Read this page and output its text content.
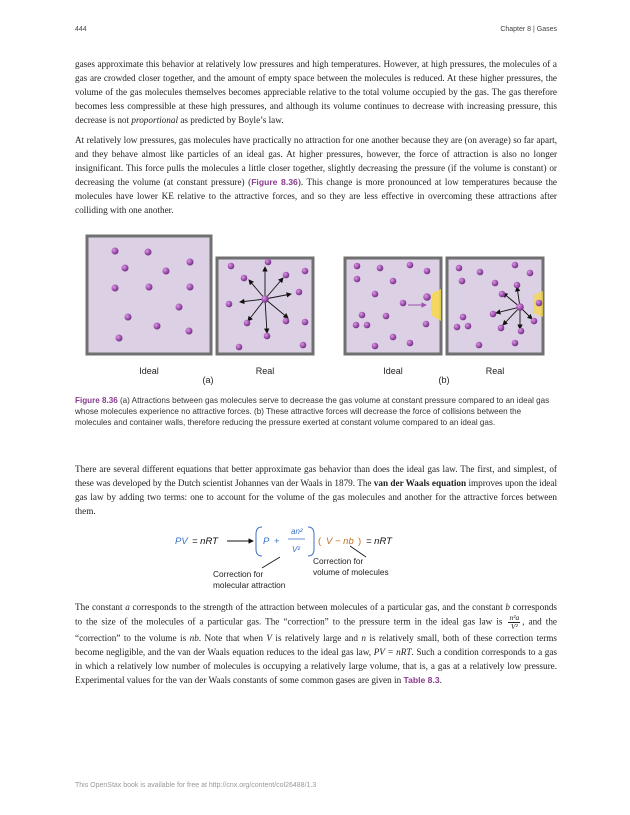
444	Chapter 8 | Gases

gases approximate this behavior at relatively low pressures and high temperatures. However, at high pressures, the molecules of a gas are crowded closer together, and the amount of empty space between the molecules is reduced. At these higher pressures, the volume of the gas molecules themselves becomes appreciable relative to the total volume occupied by the gas. The gas therefore becomes less compressible at these high pressures, and although its volume continues to decrease with increasing pressure, this decrease is not proportional as predicted by Boyle’s law.

At relatively low pressures, gas molecules have practically no attraction for one another because they are (on average) so far apart, and they behave almost like particles of an ideal gas. At higher pressures, however, the force of attraction is also no longer insignificant. This force pulls the molecules a little closer together, slightly decreasing the pressure (if the volume is constant) or decreasing the volume (at constant pressure) (Figure 8.36). This change is more pronounced at low temperatures because the molecules have lower KE relative to the attractive forces, and so they are less effective in overcoming these attractions after colliding with one another.

Ideal	Real
(a)
Ideal	Real
(b)
Figure 8.36 (a) Attractions between gas molecules serve to decrease the gas volume at constant pressure compared to an ideal gas whose molecules experience no attractive forces. (b) These attractive forces will decrease the force of collisions between the molecules and container walls, therefore reducing the pressure exerted at constant volume compared to an ideal gas.

There are several different equations that better approximate gas behavior than does the ideal gas law. The first, and simplest, of these was developed by the Dutch scientist Johannes van der Waals in 1879. The van der Waals equation improves upon the ideal gas law by adding two terms: one to account for the volume of the gas molecules and another for the attractive forces between them.

PV = nRT	P +
an²
V²
( V − nb ) = nRT
Correction for
molecular attraction
Correction for
volume of molecules

The constant a corresponds to the strength of the attraction between molecules of a particular gas, and the constant b corresponds to the size of the molecules of a particular gas. The “correction” to the pressure term in the ideal gas law is $\frac{\text{n²a}}{\text{V²}}$ , and the “correction” to the volume is nb. Note that when V is relatively large and n is relatively small, both of these correction terms become negligible, and the van der Waals equation reduces to the ideal gas law, PV = nRT. Such a condition corresponds to a gas in which a relatively low number of molecules is occupying a relatively large volume, that is, a gas at a relatively low pressure. Experimental values for the van der Waals constants of some common gases are given in Table 8.3.

This OpenStax book is available for free at http://cnx.org/content/col26488/1.3
